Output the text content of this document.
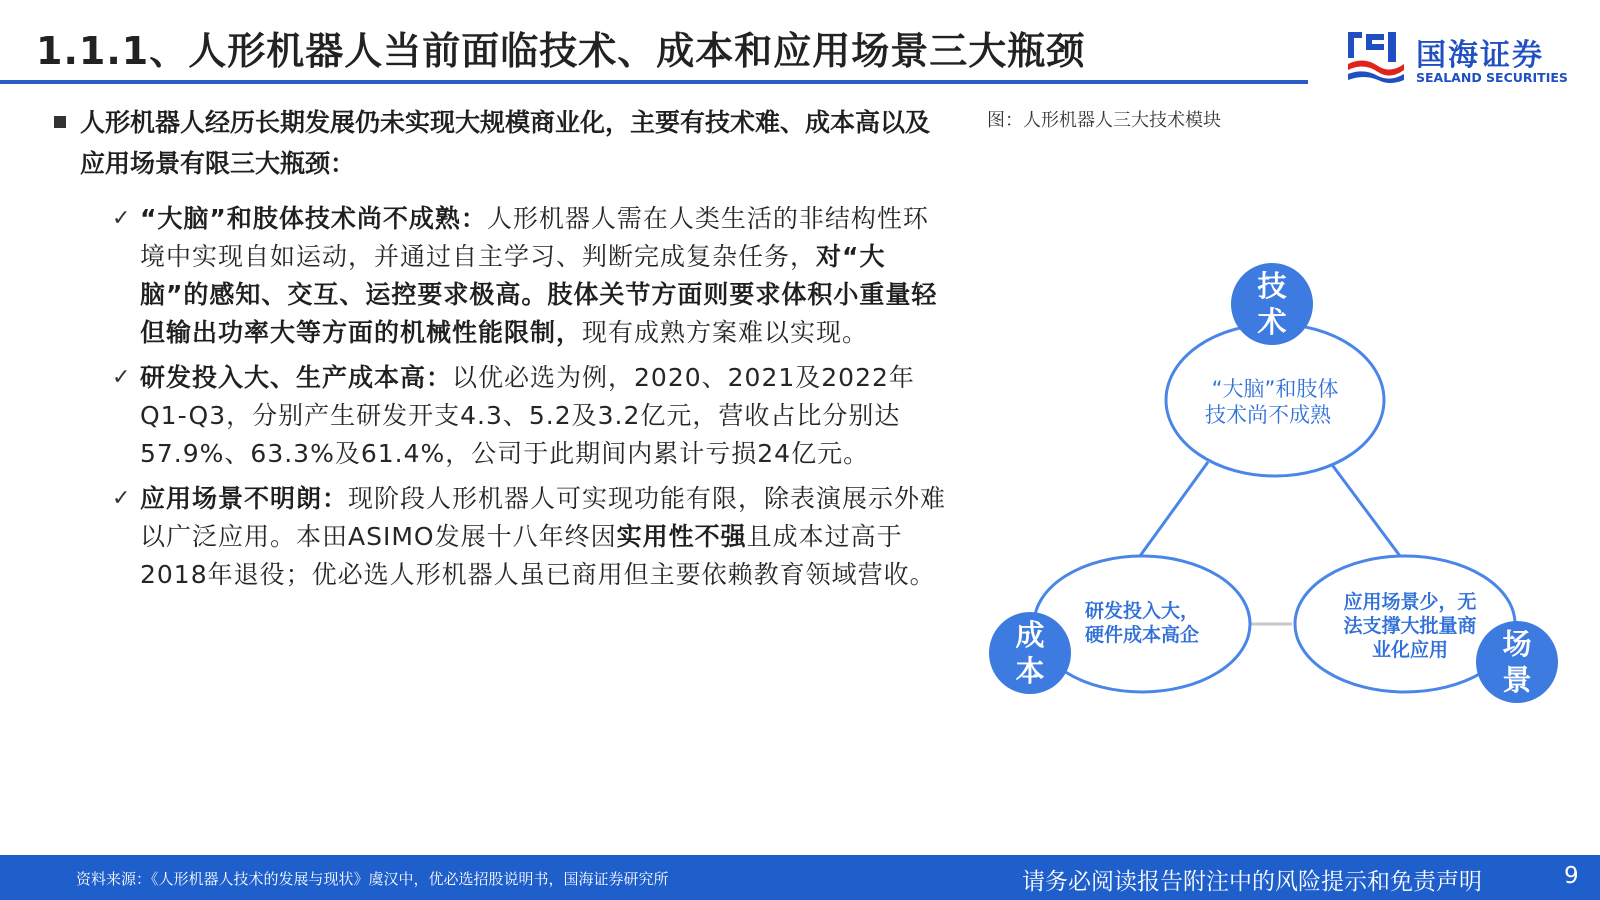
1.1.1、人形机器人当前面临技术、成本和应用场景三大瓶颈	国海证券
SEALAND SECURITIES
人形机器人经历长期发展仍未实现大规模商业化，主要有技术难、成本高以及应用场景有限三大瓶颈：
✓ “大脑”和肢体技术尚不成熟：人形机器人需在人类生活的非结构性环境中实现自如运动，并通过自主学习、判断完成复杂任务，对“大脑”的感知、交互、运控要求极高。肢体关节方面则要求体积小重量轻但输出功率大等方面的机械性能限制，现有成熟方案难以实现。
✓ 研发投入大、生产成本高：以优必选为例，2020、2021及2022年Q1-Q3，分别产生研发开支4.3、5.2及3.2亿元，营收占比分别达57.9%、63.3%及61.4%，公司于此期间内累计亏损24亿元。
✓ 应用场景不明朗：现阶段人形机器人可实现功能有限，除表演展示外难以广泛应用。本田ASIMO发展十八年终因实用性不强且成本过高于2018年退役；优必选人形机器人虽已商用但主要依赖教育领域营收。
图：人形机器人三大技术模块
“大脑”和肢体
技术尚不成熟
研发投入大，
硬件成本高企
应用场景少，无
法支撑大批量商
业化应用
技
术
成
本
场
景
资料来源：《人形机器人技术的发展与现状》虞汉中，优必选招股说明书，国海证券研究所	请务必阅读报告附注中的风险提示和免责声明	9
